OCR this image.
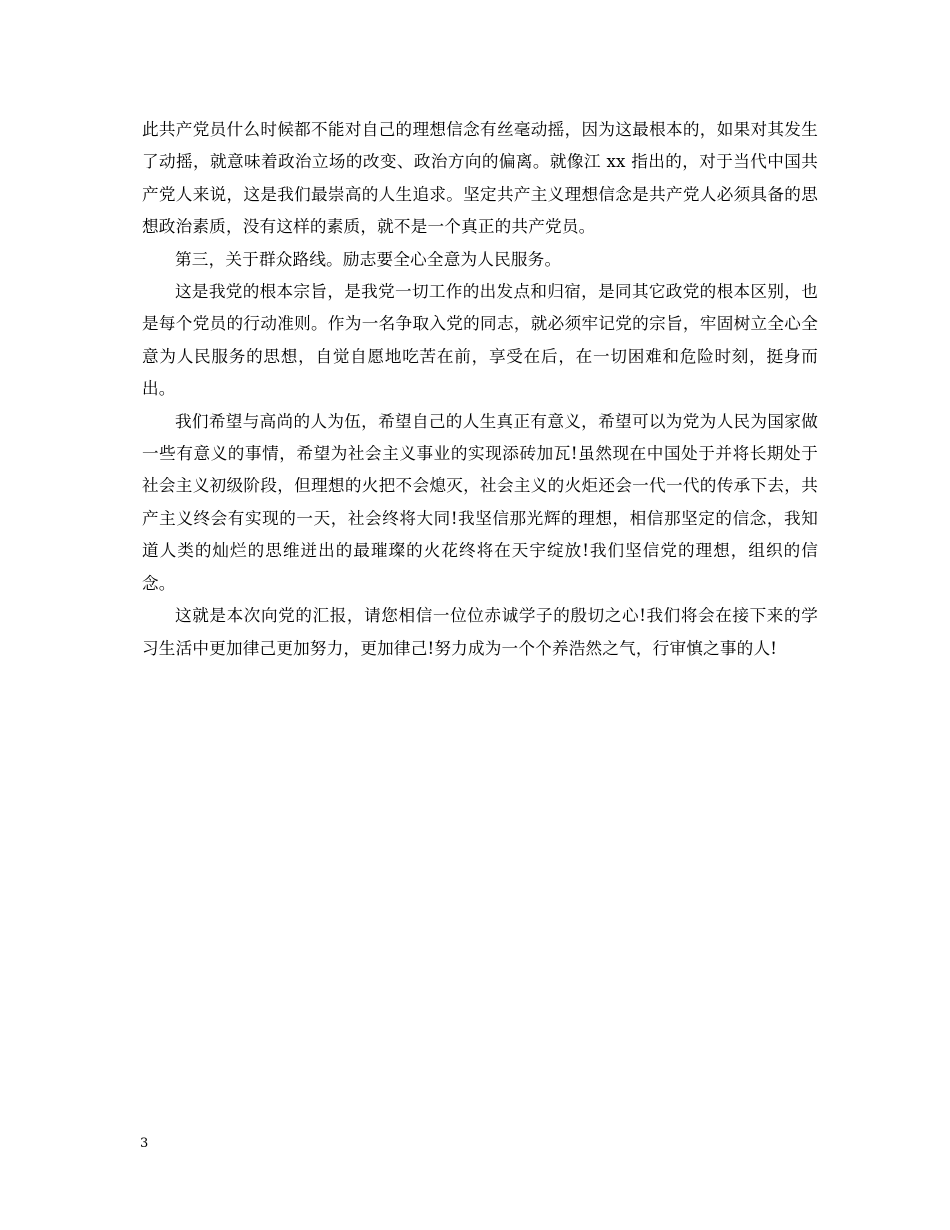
此共产党员什么时候都不能对自己的理想信念有丝毫动摇，因为这最根本的，如果对其发生了动摇，就意味着政治立场的改变、政治方向的偏离。就像江 xx 指出的，对于当代中国共产党人来说，这是我们最崇高的人生追求。坚定共产主义理想信念是共产党人必须具备的思想政治素质，没有这样的素质，就不是一个真正的共产党员。

第三，关于群众路线。励志要全心全意为人民服务。

这是我党的根本宗旨，是我党一切工作的出发点和归宿，是同其它政党的根本区别，也是每个党员的行动准则。作为一名争取入党的同志，就必须牢记党的宗旨，牢固树立全心全意为人民服务的思想，自觉自愿地吃苦在前，享受在后，在一切困难和危险时刻，挺身而出。

我们希望与高尚的人为伍，希望自己的人生真正有意义，希望可以为党为人民为国家做一些有意义的事情，希望为社会主义事业的实现添砖加瓦!虽然现在中国处于并将长期处于社会主义初级阶段，但理想的火把不会熄灭，社会主义的火炬还会一代一代的传承下去，共产主义终会有实现的一天，社会终将大同!我坚信那光辉的理想，相信那坚定的信念，我知道人类的灿烂的思维迸出的最璀璨的火花终将在天宇绽放!我们坚信党的理想，组织的信念。

这就是本次向党的汇报，请您相信一位位赤诚学子的殷切之心!我们将会在接下来的学习生活中更加律己更加努力，更加律己!努力成为一个个养浩然之气，行审慎之事的人!

3
